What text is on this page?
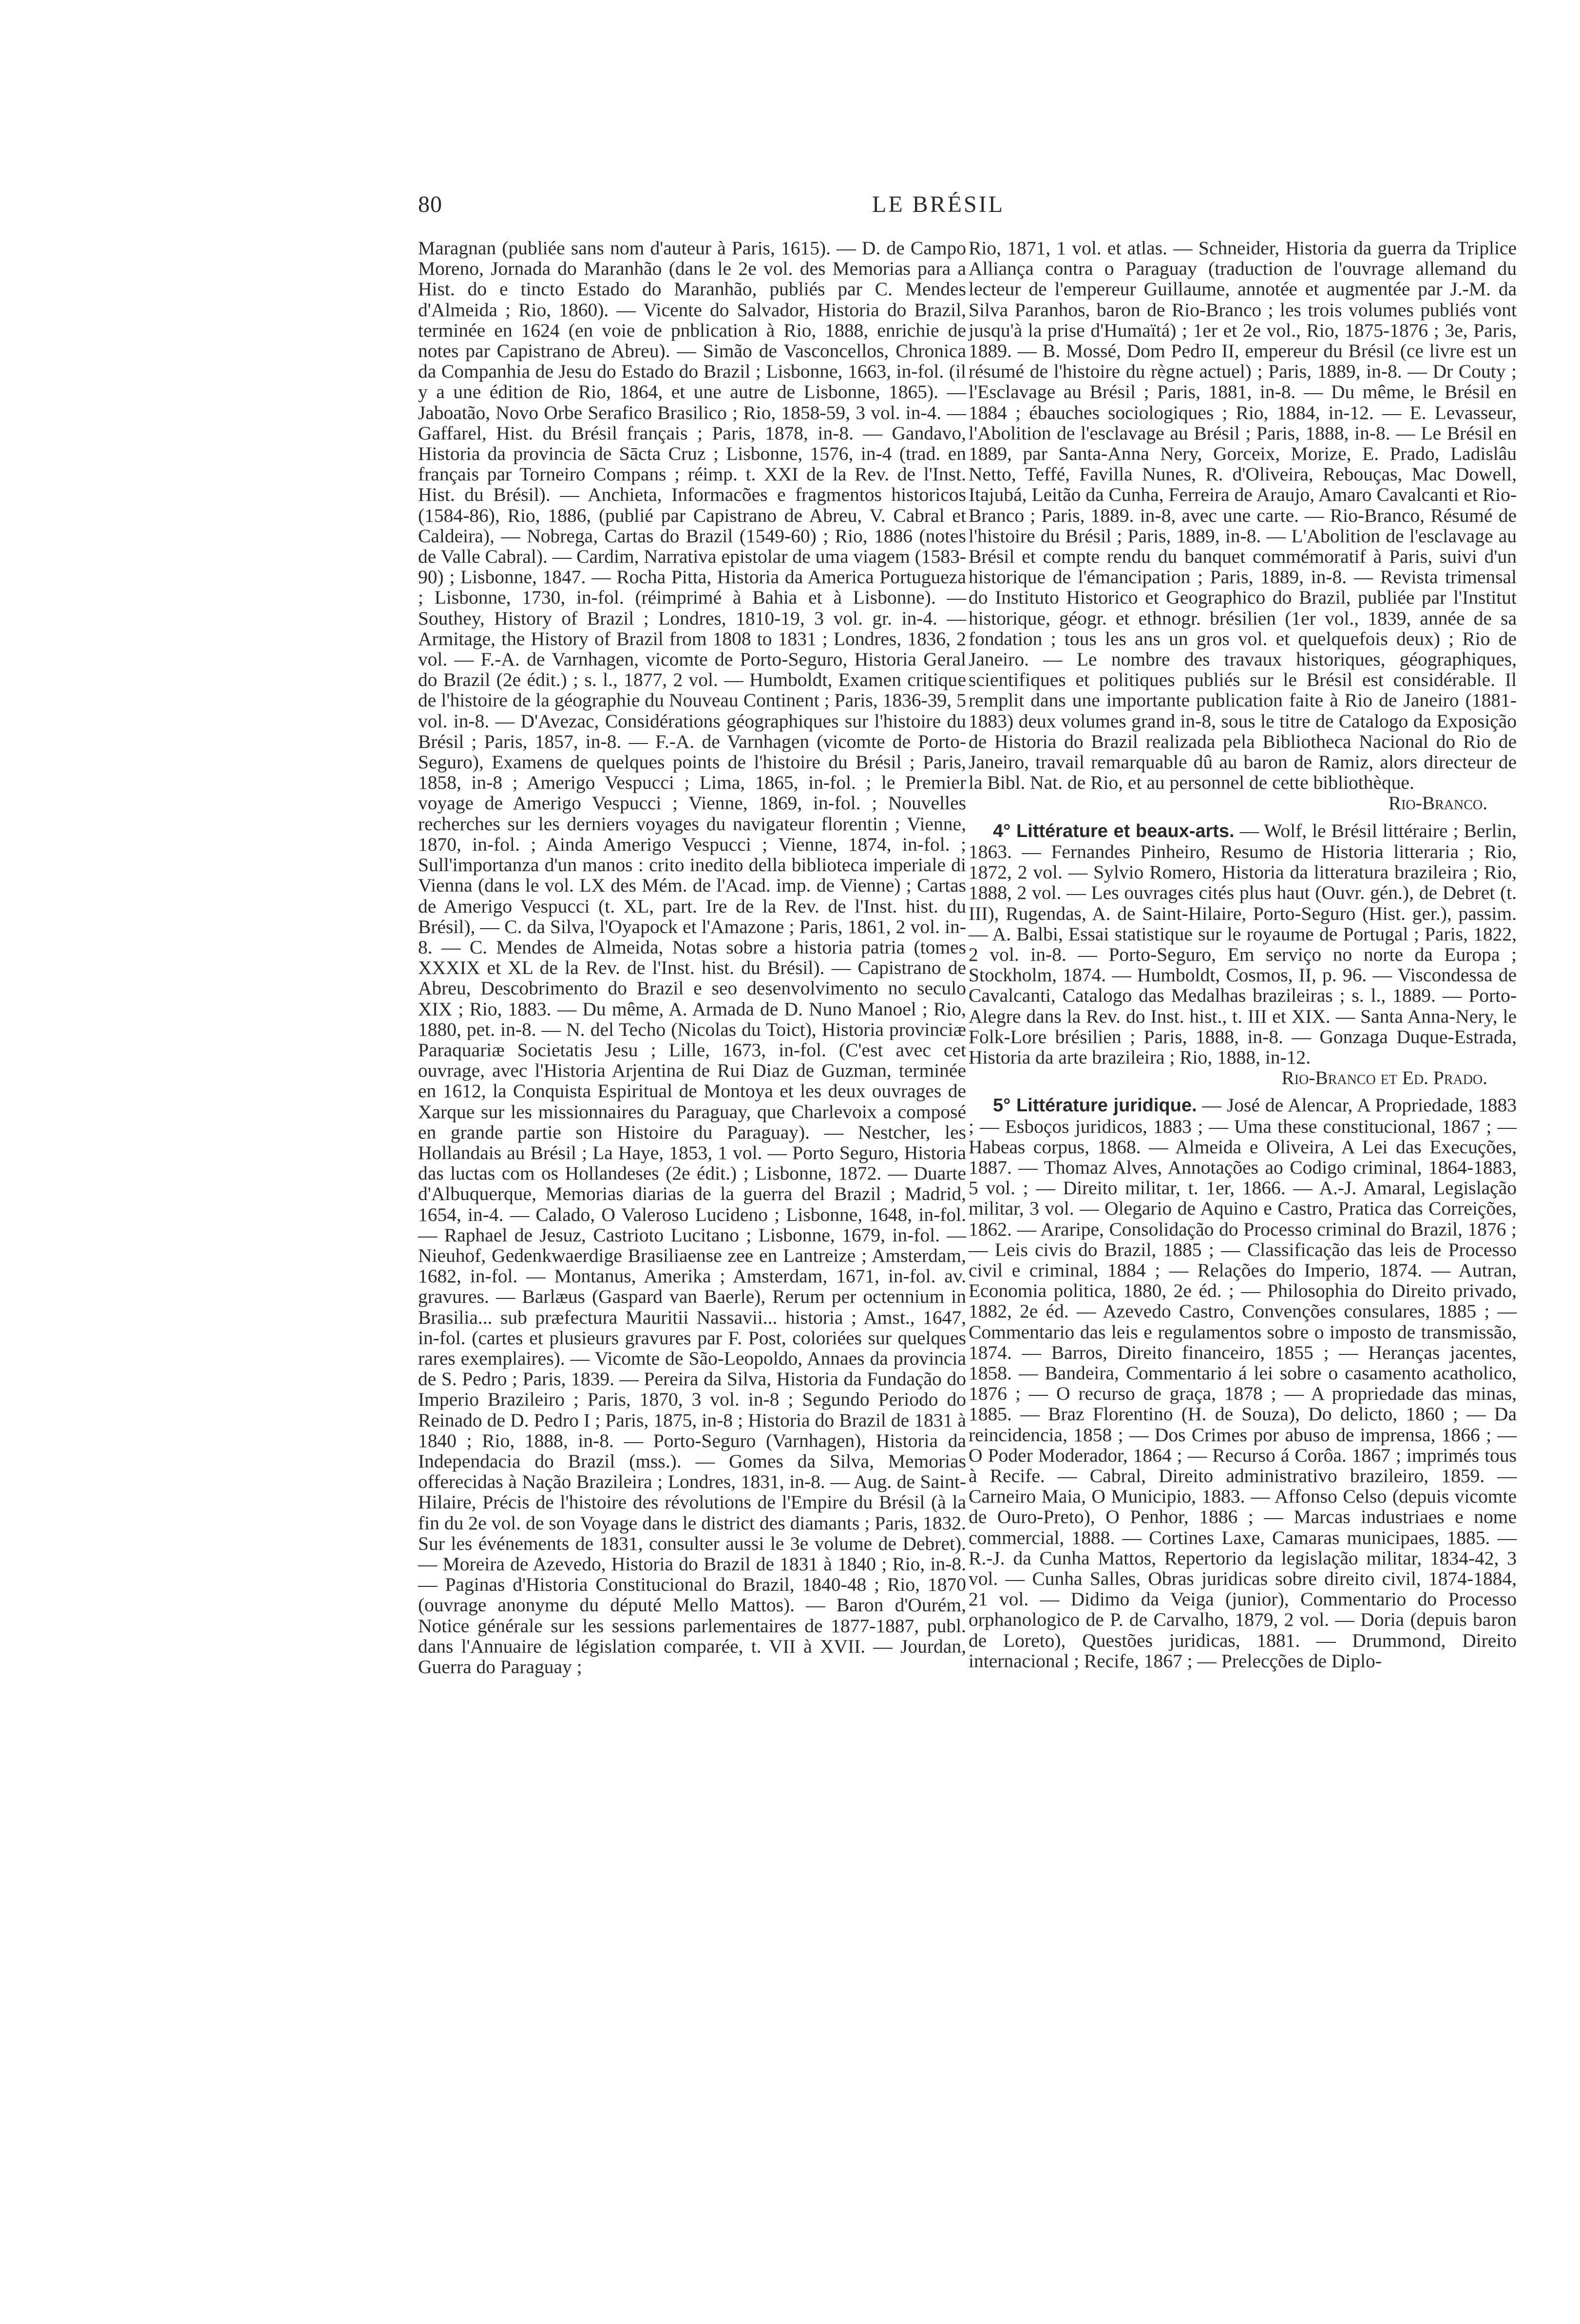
80	LE BRÉSIL

Maragnan (publiée sans nom d'auteur à Paris, 1615). — D. de Campo Moreno, Jornada do Maranhão (dans le 2e vol. des Memorias para a Hist. do e tincto Estado do Maranhão, publiés par C. Mendes d'Almeida ; Rio, 1860). — Vicente do Salvador, Historia do Brazil, terminée en 1624 (en voie de pnblication à Rio, 1888, enrichie de notes par Capistrano de Abreu). — Simão de Vasconcellos, Chronica da Companhia de Jesu do Estado do Brazil ; Lisbonne, 1663, in-fol. (il y a une édition de Rio, 1864, et une autre de Lisbonne, 1865). — Jaboatão, Novo Orbe Serafico Brasilico ; Rio, 1858-59, 3 vol. in-4. — Gaffarel, Hist. du Brésil français ; Paris, 1878, in-8. — Gandavo, Historia da provincia de Sācta Cruz ; Lisbonne, 1576, in-4 (trad. en français par Torneiro Compans ; réimp. t. XXI de la Rev. de l'Inst. Hist. du Brésil). — Anchieta, Informacões e fragmentos historicos (1584-86), Rio, 1886, (publié par Capistrano de Abreu, V. Cabral et Caldeira), — Nobrega, Cartas do Brazil (1549-60) ; Rio, 1886 (notes de Valle Cabral). — Cardim, Narrativa epistolar de uma viagem (1583-90) ; Lisbonne, 1847. — Rocha Pitta, Historia da America Portugueza ; Lisbonne, 1730, in-fol. (réimprimé à Bahia et à Lisbonne). — Southey, History of Brazil ; Londres, 1810-19, 3 vol. gr. in-4. — Armitage, the History of Brazil from 1808 to 1831 ; Londres, 1836, 2 vol. — F.-A. de Varnhagen, vicomte de Porto-Seguro, Historia Geral do Brazil (2e édit.) ; s. l., 1877, 2 vol. — Humboldt, Examen critique de l'histoire de la géographie du Nouveau Continent ; Paris, 1836-39, 5 vol. in-8. — D'Avezac, Considérations géographiques sur l'histoire du Brésil ; Paris, 1857, in-8. — F.-A. de Varnhagen (vicomte de Porto-Seguro), Examens de quelques points de l'histoire du Brésil ; Paris, 1858, in-8 ; Amerigo Vespucci ; Lima, 1865, in-fol. ; le Premier voyage de Amerigo Vespucci ; Vienne, 1869, in-fol. ; Nouvelles recherches sur les derniers voyages du navigateur florentin ; Vienne, 1870, in-fol. ; Ainda Amerigo Vespucci ; Vienne, 1874, in-fol. ; Sull'importanza d'un manos : crito inedito della biblioteca imperiale di Vienna (dans le vol. LX des Mém. de l'Acad. imp. de Vienne) ; Cartas de Amerigo Vespucci (t. XL, part. Ire de la Rev. de l'Inst. hist. du Brésil), — C. da Silva, l'Oyapock et l'Amazone ; Paris, 1861, 2 vol. in-8. — C. Mendes de Almeida, Notas sobre a historia patria (tomes XXXIX et XL de la Rev. de l'Inst. hist. du Brésil). — Capistrano de Abreu, Descobrimento do Brazil e seo desenvolvimento no seculo XIX ; Rio, 1883. — Du même, A. Armada de D. Nuno Manoel ; Rio, 1880, pet. in-8. — N. del Techo (Nicolas du Toict), Historia provinciæ Paraquariæ Societatis Jesu ; Lille, 1673, in-fol. (C'est avec cet ouvrage, avec l'Historia Arjentina de Rui Diaz de Guzman, terminée en 1612, la Conquista Espiritual de Montoya et les deux ouvrages de Xarque sur les missionnaires du Paraguay, que Charlevoix a composé en grande partie son Histoire du Paraguay). — Nestcher, les Hollandais au Brésil ; La Haye, 1853, 1 vol. — Porto Seguro, Historia das luctas com os Hollandeses (2e édit.) ; Lisbonne, 1872. — Duarte d'Albuquerque, Memorias diarias de la guerra del Brazil ; Madrid, 1654, in-4. — Calado, O Valeroso Lucideno ; Lisbonne, 1648, in-fol. — Raphael de Jesuz, Castrioto Lucitano ; Lisbonne, 1679, in-fol. — Nieuhof, Gedenkwaerdige Brasiliaense zee en Lantreize ; Amsterdam, 1682, in-fol. — Montanus, Amerika ; Amsterdam, 1671, in-fol. av. gravures. — Barlæus (Gaspard van Baerle), Rerum per octennium in Brasilia... sub præfectura Mauritii Nassavii... historia ; Amst., 1647, in-fol. (cartes et plusieurs gravures par F. Post, coloriées sur quelques rares exemplaires). — Vicomte de São-Leopoldo, Annaes da provincia de S. Pedro ; Paris, 1839. — Pereira da Silva, Historia da Fundação do Imperio Brazileiro ; Paris, 1870, 3 vol. in-8 ; Segundo Periodo do Reinado de D. Pedro I ; Paris, 1875, in-8 ; Historia do Brazil de 1831 à 1840 ; Rio, 1888, in-8. — Porto-Seguro (Varnhagen), Historia da Independacia do Brazil (mss.). — Gomes da Silva, Memorias offerecidas à Nação Brazileira ; Londres, 1831, in-8. — Aug. de Saint-Hilaire, Précis de l'histoire des révolutions de l'Empire du Brésil (à la fin du 2e vol. de son Voyage dans le district des diamants ; Paris, 1832. Sur les événements de 1831, consulter aussi le 3e volume de Debret). — Moreira de Azevedo, Historia do Brazil de 1831 à 1840 ; Rio, in-8. — Paginas d'Historia Constitucional do Brazil, 1840-48 ; Rio, 1870 (ouvrage anonyme du député Mello Mattos). — Baron d'Ourém, Notice générale sur les sessions parlementaires de 1877-1887, publ. dans l'Annuaire de législation comparée, t. VII à XVII. — Jourdan, Guerra do Paraguay ;

Rio, 1871, 1 vol. et atlas. — Schneider, Historia da guerra da Triplice Alliança contra o Paraguay (traduction de l'ouvrage allemand du lecteur de l'empereur Guillaume, annotée et augmentée par J.-M. da Silva Paranhos, baron de Rio-Branco ; les trois volumes publiés vont jusqu'à la prise d'Humaïtá) ; 1er et 2e vol., Rio, 1875-1876 ; 3e, Paris, 1889. — B. Mossé, Dom Pedro II, empereur du Brésil (ce livre est un résumé de l'histoire du règne actuel) ; Paris, 1889, in-8. — Dr Couty ; l'Esclavage au Brésil ; Paris, 1881, in-8. — Du même, le Brésil en 1884 ; ébauches sociologiques ; Rio, 1884, in-12. — E. Levasseur, l'Abolition de l'esclavage au Brésil ; Paris, 1888, in-8. — Le Brésil en 1889, par Santa-Anna Nery, Gorceix, Morize, E. Prado, Ladislâu Netto, Teffé, Favilla Nunes, R. d'Oliveira, Rebouças, Mac Dowell, Itajubá, Leitão da Cunha, Ferreira de Araujo, Amaro Cavalcanti et Rio-Branco ; Paris, 1889. in-8, avec une carte. — Rio-Branco, Résumé de l'histoire du Brésil ; Paris, 1889, in-8. — L'Abolition de l'esclavage au Brésil et compte rendu du banquet commémoratif à Paris, suivi d'un historique de l'émancipation ; Paris, 1889, in-8. — Revista trimensal do Instituto Historico et Geographico do Brazil, publiée par l'Institut historique, géogr. et ethnogr. brésilien (1er vol., 1839, année de sa fondation ; tous les ans un gros vol. et quelquefois deux) ; Rio de Janeiro. — Le nombre des travaux historiques, géographiques, scientifiques et politiques publiés sur le Brésil est considérable. Il remplit dans une importante publication faite à Rio de Janeiro (1881-1883) deux volumes grand in-8, sous le titre de Catalogo da Exposição de Historia do Brazil realizada pela Bibliotheca Nacional do Rio de Janeiro, travail remarquable dû au baron de Ramiz, alors directeur de la Bibl. Nat. de Rio, et au personnel de cette bibliothèque.

Rio-Branco.

4° Littérature et beaux-arts. — Wolf, le Brésil littéraire ; Berlin, 1863. — Fernandes Pinheiro, Resumo de Historia litteraria ; Rio, 1872, 2 vol. — Sylvio Romero, Historia da litteratura brazileira ; Rio, 1888, 2 vol. — Les ouvrages cités plus haut (Ouvr. gén.), de Debret (t. III), Rugendas, A. de Saint-Hilaire, Porto-Seguro (Hist. ger.), passim. — A. Balbi, Essai statistique sur le royaume de Portugal ; Paris, 1822, 2 vol. in-8. — Porto-Seguro, Em serviço no norte da Europa ; Stockholm, 1874. — Humboldt, Cosmos, II, p. 96. — Viscondessa de Cavalcanti, Catalogo das Medalhas brazileiras ; s. l., 1889. — Porto-Alegre dans la Rev. do Inst. hist., t. III et XIX. — Santa Anna-Nery, le Folk-Lore brésilien ; Paris, 1888, in-8. — Gonzaga Duque-Estrada, Historia da arte brazileira ; Rio, 1888, in-12.

Rio-Branco et Ed. Prado.

5° Littérature juridique. — José de Alencar, A Propriedade, 1883 ; — Esboços juridicos, 1883 ; — Uma these constitucional, 1867 ; — Habeas corpus, 1868. — Almeida e Oliveira, A Lei das Execuções, 1887. — Thomaz Alves, Annotações ao Codigo criminal, 1864-1883, 5 vol. ; — Direito militar, t. 1er, 1866. — A.-J. Amaral, Legislação militar, 3 vol. — Olegario de Aquino e Castro, Pratica das Correições, 1862. — Araripe, Consolidação do Processo criminal do Brazil, 1876 ; — Leis civis do Brazil, 1885 ; — Classificação das leis de Processo civil e criminal, 1884 ; — Relações do Imperio, 1874. — Autran, Economia politica, 1880, 2e éd. ; — Philosophia do Direito privado, 1882, 2e éd. — Azevedo Castro, Convenções consulares, 1885 ; — Commentario das leis e regulamentos sobre o imposto de transmissão, 1874. — Barros, Direito financeiro, 1855 ; — Heranças jacentes, 1858. — Bandeira, Commentario á lei sobre o casamento acatholico, 1876 ; — O recurso de graça, 1878 ; — A propriedade das minas, 1885. — Braz Florentino (H. de Souza), Do delicto, 1860 ; — Da reincidencia, 1858 ; — Dos Crimes por abuso de imprensa, 1866 ; — O Poder Moderador, 1864 ; — Recurso á Corôa. 1867 ; imprimés tous à Recife. — Cabral, Direito administrativo brazileiro, 1859. — Carneiro Maia, O Municipio, 1883. — Affonso Celso (depuis vicomte de Ouro-Preto), O Penhor, 1886 ; — Marcas industriaes e nome commercial, 1888. — Cortines Laxe, Camaras municipaes, 1885. — R.-J. da Cunha Mattos, Repertorio da legislação militar, 1834-42, 3 vol. — Cunha Salles, Obras juridicas sobre direito civil, 1874-1884, 21 vol. — Didimo da Veiga (junior), Commentario do Processo orphanologico de P. de Carvalho, 1879, 2 vol. — Doria (depuis baron de Loreto), Questões juridicas, 1881. — Drummond, Direito internacional ; Recife, 1867 ; — Prelecções de Diplo-
